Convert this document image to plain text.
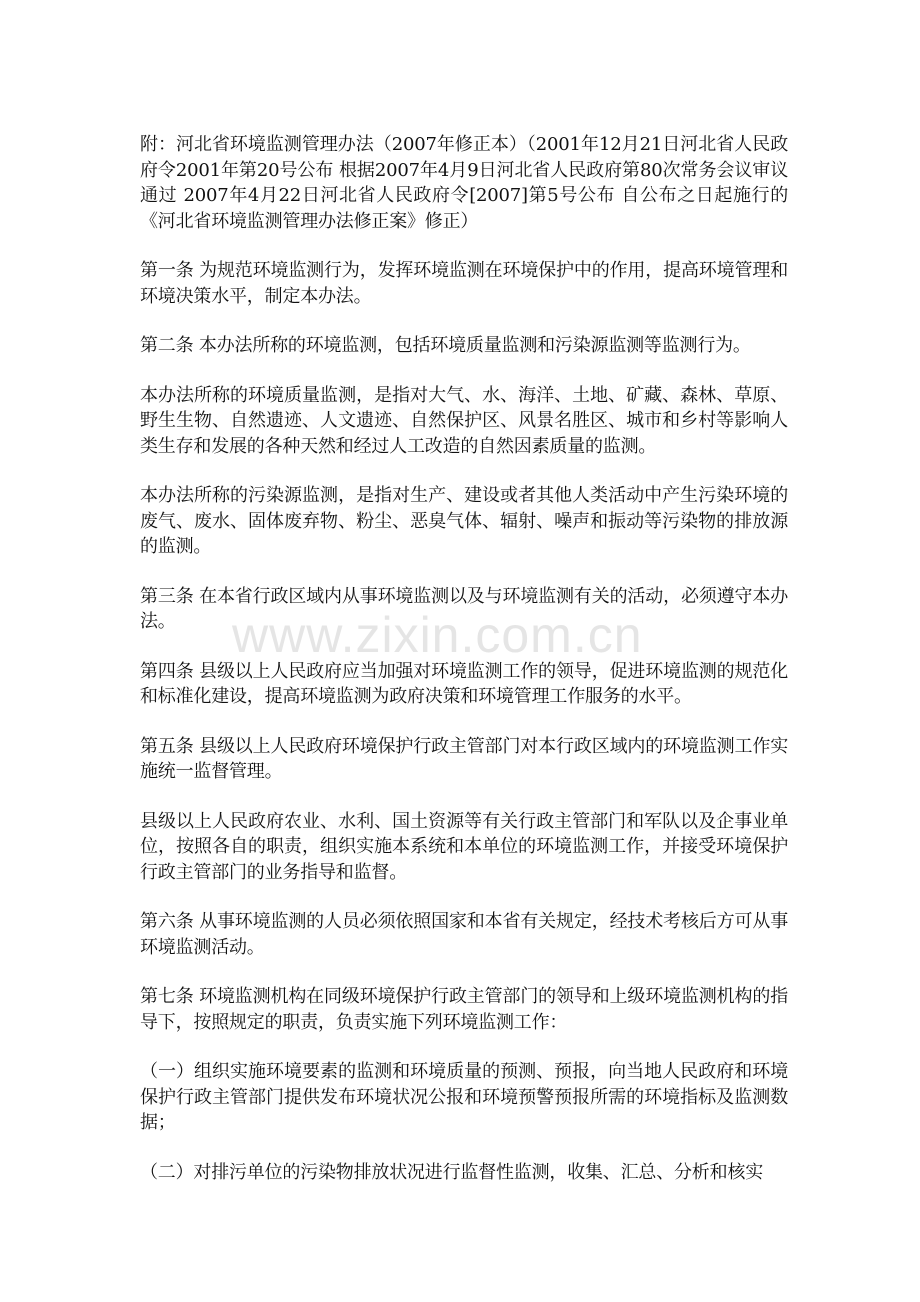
附：河北省环境监测管理办法（2007年修正本）（2001年12月21日河北省人民政府令2001年第20号公布 根据2007年4月9日河北省人民政府第80次常务会议审议通过 2007年4月22日河北省人民政府令[2007]第5号公布 自公布之日起施行的《河北省环境监测管理办法修正案》修正）

第一条 为规范环境监测行为，发挥环境监测在环境保护中的作用，提高环境管理和环境决策水平，制定本办法。

第二条 本办法所称的环境监测，包括环境质量监测和污染源监测等监测行为。

本办法所称的环境质量监测，是指对大气、水、海洋、土地、矿藏、森林、草原、野生生物、自然遗迹、人文遗迹、自然保护区、风景名胜区、城市和乡村等影响人类生存和发展的各种天然和经过人工改造的自然因素质量的监测。

本办法所称的污染源监测，是指对生产、建设或者其他人类活动中产生污染环境的废气、废水、固体废弃物、粉尘、恶臭气体、辐射、噪声和振动等污染物的排放源的监测。

第三条 在本省行政区域内从事环境监测以及与环境监测有关的活动，必须遵守本办法。

第四条 县级以上人民政府应当加强对环境监测工作的领导，促进环境监测的规范化和标准化建设，提高环境监测为政府决策和环境管理工作服务的水平。

第五条 县级以上人民政府环境保护行政主管部门对本行政区域内的环境监测工作实施统一监督管理。

县级以上人民政府农业、水利、国土资源等有关行政主管部门和军队以及企事业单位，按照各自的职责，组织实施本系统和本单位的环境监测工作，并接受环境保护行政主管部门的业务指导和监督。

第六条 从事环境监测的人员必须依照国家和本省有关规定，经技术考核后方可从事环境监测活动。

第七条 环境监测机构在同级环境保护行政主管部门的领导和上级环境监测机构的指导下，按照规定的职责，负责实施下列环境监测工作：

（一）组织实施环境要素的监测和环境质量的预测、预报，向当地人民政府和环境保护行政主管部门提供发布环境状况公报和环境预警预报所需的环境指标及监测数据；

（二）对排污单位的污染物排放状况进行监督性监测，收集、汇总、分析和核实

www.zixin.com.cn
